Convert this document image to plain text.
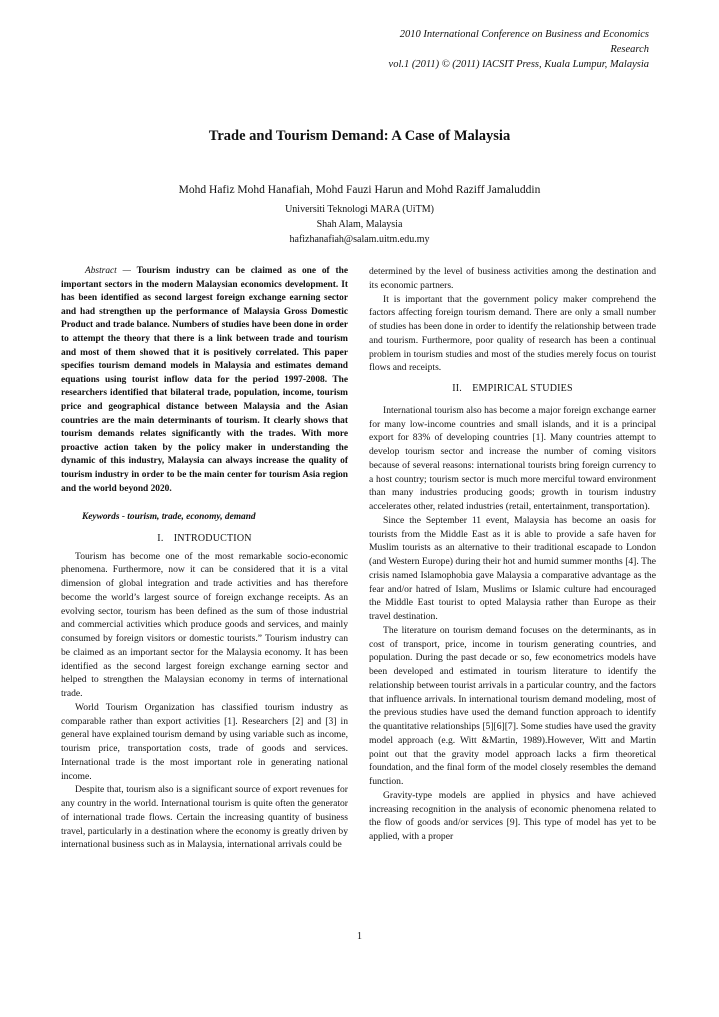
2010 International Conference on Business and Economics
Research
vol.1 (2011) © (2011) IACSIT Press, Kuala Lumpur, Malaysia
Trade and Tourism Demand: A Case of Malaysia
Mohd Hafiz Mohd Hanafiah, Mohd Fauzi Harun and Mohd Raziff Jamaluddin
Universiti Teknologi MARA (UiTM)
Shah Alam, Malaysia
hafizhanafiah@salam.uitm.edu.my

Abstract — Tourism industry can be claimed as one of the important sectors in the modern Malaysian economics development. It has been identified as second largest foreign exchange earning sector and had strengthen up the performance of Malaysia Gross Domestic Product and trade balance. Numbers of studies have been done in order to attempt the theory that there is a link between trade and tourism and most of them showed that it is positively correlated. This paper specifies tourism demand models in Malaysia and estimates demand equations using tourist inflow data for the period 1997-2008. The researchers identified that bilateral trade, population, income, tourism price and geographical distance between Malaysia and the Asian countries are the main determinants of tourism. It clearly shows that tourism demands relates significantly with the trades. With more proactive action taken by the policy maker in understanding the dynamic of this industry, Malaysia can always increase the quality of tourism industry in order to be the main center for tourism Asia region and the world beyond 2020.

Keywords - tourism, trade, economy, demand
I. INTRODUCTION

Tourism has become one of the most remarkable socio-economic phenomena. Furthermore, now it can be considered that it is a vital dimension of global integration and trade activities and has therefore become the world’s largest source of foreign exchange receipts. As an evolving sector, tourism has been defined as the sum of those industrial and commercial activities which produce goods and services, and mainly consumed by foreign visitors or domestic tourists.” Tourism industry can be claimed as an important sector for the Malaysia economy. It has been identified as the second largest foreign exchange earning sector and helped to strengthen the Malaysian economy in terms of international trade.

World Tourism Organization has classified tourism industry as comparable rather than export activities [1]. Researchers [2] and [3] in general have explained tourism demand by using variable such as income, tourism price, transportation costs, trade of goods and services. International trade is the most important role in generating national income.

Despite that, tourism also is a significant source of export revenues for any country in the world. International tourism is quite often the generator of international trade flows. Certain the increasing quantity of business travel, particularly in a destination where the economy is greatly driven by international business such as in Malaysia, international arrivals could be

determined by the level of business activities among the destination and its economic partners.

It is important that the government policy maker comprehend the factors affecting foreign tourism demand. There are only a small number of studies has been done in order to identify the relationship between trade and tourism. Furthermore, poor quality of research has been a continual problem in tourism studies and most of the studies merely focus on tourist flows and receipts.

II. EMPIRICAL STUDIES

International tourism also has become a major foreign exchange earner for many low-income countries and small islands, and it is a principal export for 83% of developing countries [1]. Many countries attempt to develop tourism sector and increase the number of coming visitors because of several reasons: international tourists bring foreign currency to a host country; tourism sector is much more merciful toward environment than many industries producing goods; growth in tourism industry accelerates other, related industries (retail, entertainment, transportation).

Since the September 11 event, Malaysia has become an oasis for tourists from the Middle East as it is able to provide a safe haven for Muslim tourists as an alternative to their traditional escapade to London (and Western Europe) during their hot and humid summer months [4]. The crisis named Islamophobia gave Malaysia a comparative advantage as the fear and/or hatred of Islam, Muslims or Islamic culture had encouraged the Middle East tourist to opted Malaysia rather than Europe as their travel destination.

The literature on tourism demand focuses on the determinants, as in cost of transport, price, income in tourism generating countries, and population. During the past decade or so, few econometrics models have been developed and estimated in tourism literature to identify the relationship between tourist arrivals in a particular country, and the factors that influence arrivals. In international tourism demand modeling, most of the previous studies have used the demand function approach to identify the quantitative relationships [5][6][7]. Some studies have used the gravity model approach (e.g. Witt &Martin, 1989).However, Witt and Martin point out that the gravity model approach lacks a firm theoretical foundation, and the final form of the model closely resembles the demand function.

Gravity-type models are applied in physics and have achieved increasing recognition in the analysis of economic phenomena related to the flow of goods and/or services [9]. This type of model has yet to be applied, with a proper

1
